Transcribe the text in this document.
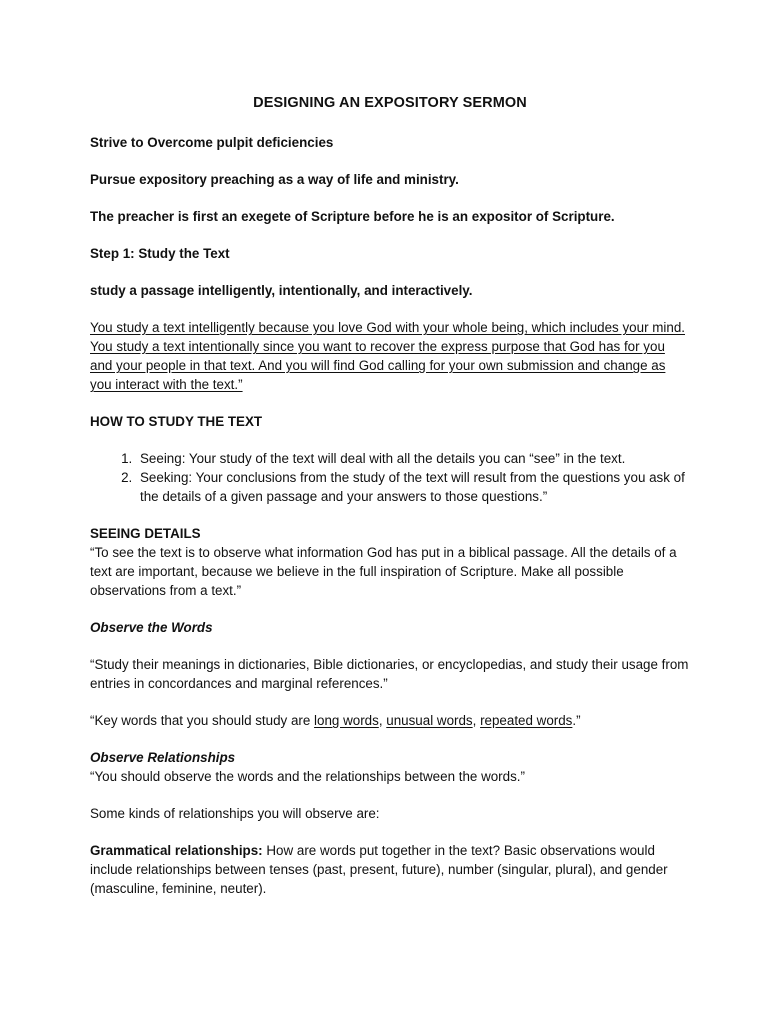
DESIGNING AN EXPOSITORY SERMON

Strive to Overcome pulpit deficiencies

Pursue expository preaching as a way of life and ministry.

The preacher is first an exegete of Scripture before he is an expositor of Scripture.

Step 1: Study the Text

study a passage intelligently, intentionally, and interactively.

You study a text intelligently because you love God with your whole being, which includes your mind. You study a text intentionally since you want to recover the express purpose that God has for you and your people in that text. And you will find God calling for your own submission and change as you interact with the text.”

HOW TO STUDY THE TEXT

1. Seeing: Your study of the text will deal with all the details you can “see” in the text.
2. Seeking: Your conclusions from the study of the text will result from the questions you ask of the details of a given passage and your answers to those questions.”
SEEING DETAILS

“To see the text is to observe what information God has put in a biblical passage. All the details of a text are important, because we believe in the full inspiration of Scripture. Make all possible observations from a text.”

Observe the Words

“Study their meanings in dictionaries, Bible dictionaries, or encyclopedias, and study their usage from entries in concordances and marginal references.”

“Key words that you should study are long words, unusual words, repeated words.”

Observe Relationships

“You should observe the words and the relationships between the words.”

Some kinds of relationships you will observe are:

Grammatical relationships: How are words put together in the text? Basic observations would include relationships between tenses (past, present, future), number (singular, plural), and gender (masculine, feminine, neuter).
